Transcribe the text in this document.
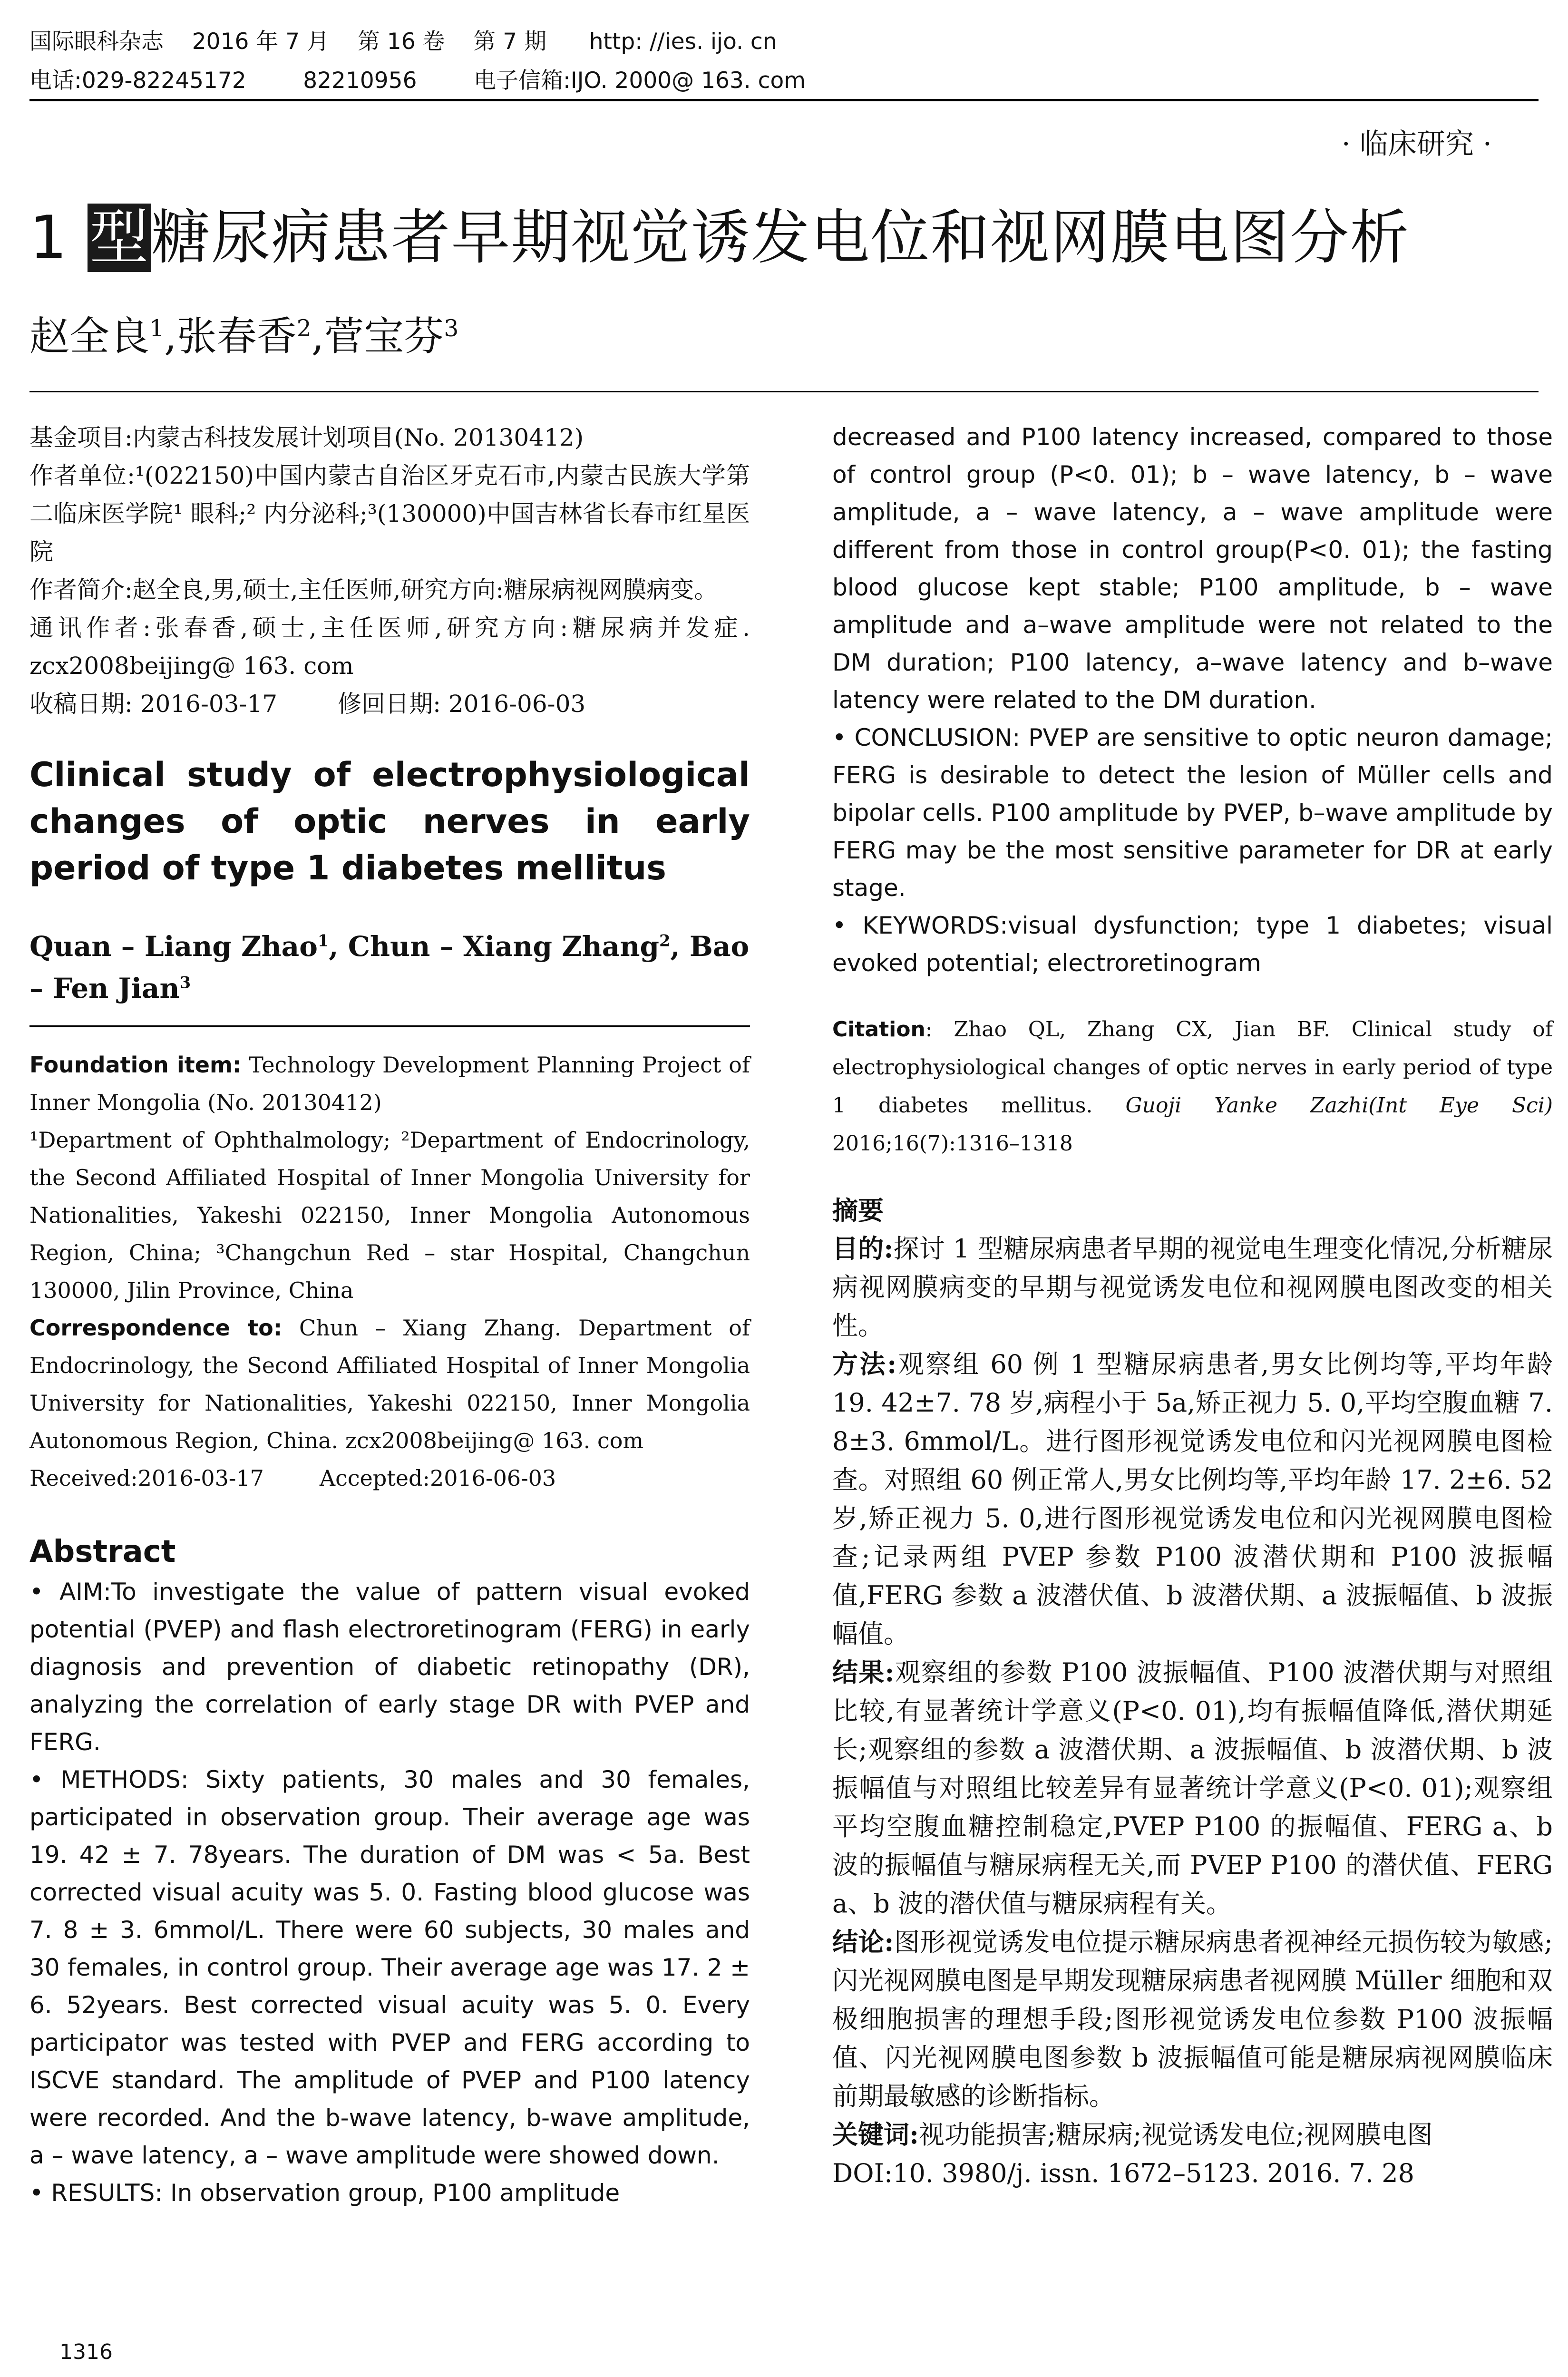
国际眼科杂志    2016 年 7 月    第 16 卷    第 7 期      http: //ies. ijo. cn
电话:029-82245172        82210956        电子信箱:IJO. 2000@ 163. com
· 临床研究 ·
1 型糖尿病患者早期视觉诱发电位和视网膜电图分析
赵全良$^1$,张春香$^2$,菅宝芬$^3$

基金项目:内蒙古科技发展计划项目(No. 20130412)

作者单位:¹(022150)中国内蒙古自治区牙克石市,内蒙古民族大学第二临床医学院¹ 眼科;² 内分泌科;³(130000)中国吉林省长春市红星医院

作者简介:赵全良,男,硕士,主任医师,研究方向:糖尿病视网膜病变。

通讯作者:张春香,硕士,主任医师,研究方向:糖尿病并发症. zcx2008beijing@ 163. com

收稿日期: 2016-03-17        修回日期: 2016-06-03

Clinical study of electrophysiological changes of optic nerves in early period of type 1 diabetes mellitus
Quan – Liang Zhao$^1$, Chun – Xiang Zhang$^2$, Bao – Fen Jian$^3$

Foundation item: Technology Development Planning Project of Inner Mongolia (No. 20130412)

¹Department of Ophthalmology; ²Department of Endocrinology, the Second Affiliated Hospital of Inner Mongolia University for Nationalities, Yakeshi 022150, Inner Mongolia Autonomous Region, China; ³Changchun Red – star Hospital, Changchun 130000, Jilin Province, China

Correspondence to: Chun – Xiang Zhang. Department of Endocrinology, the Second Affiliated Hospital of Inner Mongolia University for Nationalities, Yakeshi 022150, Inner Mongolia Autonomous Region, China. zcx2008beijing@ 163. com

Received:2016-03-17        Accepted:2016-06-03

Abstract

• AIM:To investigate the value of pattern visual evoked potential (PVEP) and flash electroretinogram (FERG) in early diagnosis and prevention of diabetic retinopathy (DR), analyzing the correlation of early stage DR with PVEP and FERG.

• METHODS: Sixty patients, 30 males and 30 females, participated in observation group. Their average age was 19. 42 ± 7. 78years. The duration of DM was < 5a. Best corrected visual acuity was 5. 0. Fasting blood glucose was 7. 8 ± 3. 6mmol/L. There were 60 subjects, 30 males and 30 females, in control group. Their average age was 17. 2 ± 6. 52years. Best corrected visual acuity was 5. 0. Every participator was tested with PVEP and FERG according to ISCVE standard. The amplitude of PVEP and P100 latency were recorded. And the b-wave latency, b-wave amplitude, a – wave latency, a – wave amplitude were showed down.

• RESULTS: In observation group, P100 amplitude

decreased and P100 latency increased, compared to those of control group (P<0. 01); b – wave latency, b – wave amplitude, a – wave latency, a – wave amplitude were different from those in control group(P<0. 01); the fasting blood glucose kept stable; P100 amplitude, b – wave amplitude and a–wave amplitude were not related to the DM duration; P100 latency, a–wave latency and b–wave latency were related to the DM duration.

• CONCLUSION: PVEP are sensitive to optic neuron damage; FERG is desirable to detect the lesion of Müller cells and bipolar cells. P100 amplitude by PVEP, b–wave amplitude by FERG may be the most sensitive parameter for DR at early stage.

• KEYWORDS:visual dysfunction; type 1 diabetes; visual evoked potential; electroretinogram

Citation: Zhao QL, Zhang CX, Jian BF. Clinical study of electrophysiological changes of optic nerves in early period of type 1 diabetes mellitus. Guoji Yanke Zazhi(Int Eye Sci) 2016;16(7):1316–1318
摘要

目的:探讨 1 型糖尿病患者早期的视觉电生理变化情况,分析糖尿病视网膜病变的早期与视觉诱发电位和视网膜电图改变的相关性。

方法:观察组 60 例 1 型糖尿病患者,男女比例均等,平均年龄 19. 42±7. 78 岁,病程小于 5a,矫正视力 5. 0,平均空腹血糖 7. 8±3. 6mmol/L。进行图形视觉诱发电位和闪光视网膜电图检查。对照组 60 例正常人,男女比例均等,平均年龄 17. 2±6. 52 岁,矫正视力 5. 0,进行图形视觉诱发电位和闪光视网膜电图检查;记录两组 PVEP 参数 P100 波潜伏期和 P100 波振幅值,FERG 参数 a 波潜伏值、b 波潜伏期、a 波振幅值、b 波振幅值。

结果:观察组的参数 P100 波振幅值、P100 波潜伏期与对照组比较,有显著统计学意义(P<0. 01),均有振幅值降低,潜伏期延长;观察组的参数 a 波潜伏期、a 波振幅值、b 波潜伏期、b 波振幅值与对照组比较差异有显著统计学意义(P<0. 01);观察组平均空腹血糖控制稳定,PVEP P100 的振幅值、FERG a、b 波的振幅值与糖尿病程无关,而 PVEP P100 的潜伏值、FERG a、b 波的潜伏值与糖尿病程有关。

结论:图形视觉诱发电位提示糖尿病患者视神经元损伤较为敏感;闪光视网膜电图是早期发现糖尿病患者视网膜 Müller 细胞和双极细胞损害的理想手段;图形视觉诱发电位参数 P100 波振幅值、闪光视网膜电图参数 b 波振幅值可能是糖尿病视网膜临床前期最敏感的诊断指标。

关键词:视功能损害;糖尿病;视觉诱发电位;视网膜电图

DOI:10. 3980/j. issn. 1672–5123. 2016. 7. 28

1316
